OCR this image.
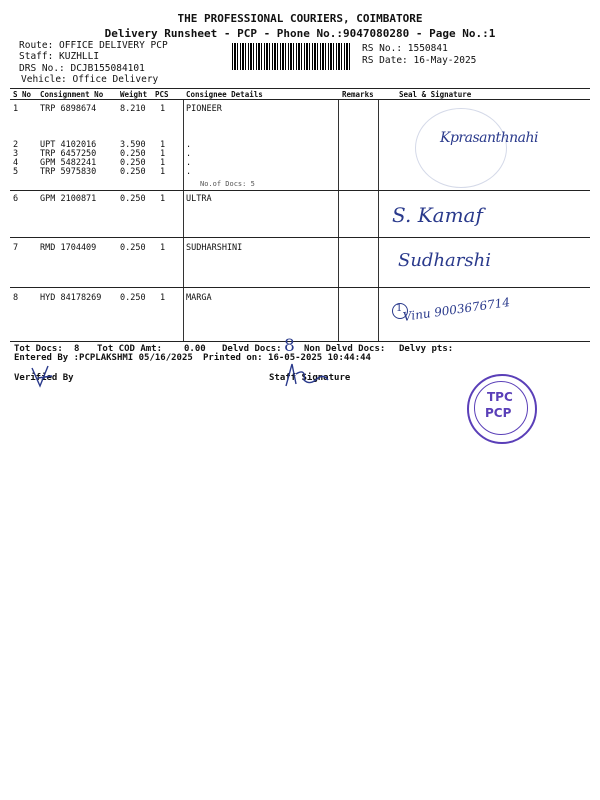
THE PROFESSIONAL COURIERS, COIMBATORE
Delivery Runsheet - PCP - Phone No.:9047080280 - Page No.:1
Route: OFFICE DELIVERY PCP
Staff: KUZHLLI
DRS No.: DCJB155084101
Vehicle: Office Delivery
RS No.: 1550841
RS Date: 16-May-2025
S No Consignment No Weight PCS Consignee Details	Remarks	Seal & Signature
1	TRP 6898674	8.210 1 PIONEER
2	UPT 4102016	3.590 1 .
3	TRP 6457250	0.250 1 .
4	GPM 5482241	0.250 1 .
5	TRP 5975830	0.250 1 .
No.of Docs: 5
6	GPM 2100871	0.250 1 ULTRA
7	RMD 1704409	0.250 1 SUDHARSHINI
8	HYD 84178269 0.250 1 MARGA
Kprasanthnahi
S. Kamaf
Sudharshi
1 Vinu 9003676714
Tot Docs: 8 Tot COD Amt: 0.00 Delvd Docs: 8 Non Delvd Docs: Delvy pts:
Entered By :PCPLAKSHMI 05/16/2025 Printed on: 16-05-2025 10:44:44
Verified By	Staff Signature
TPC
PCP
